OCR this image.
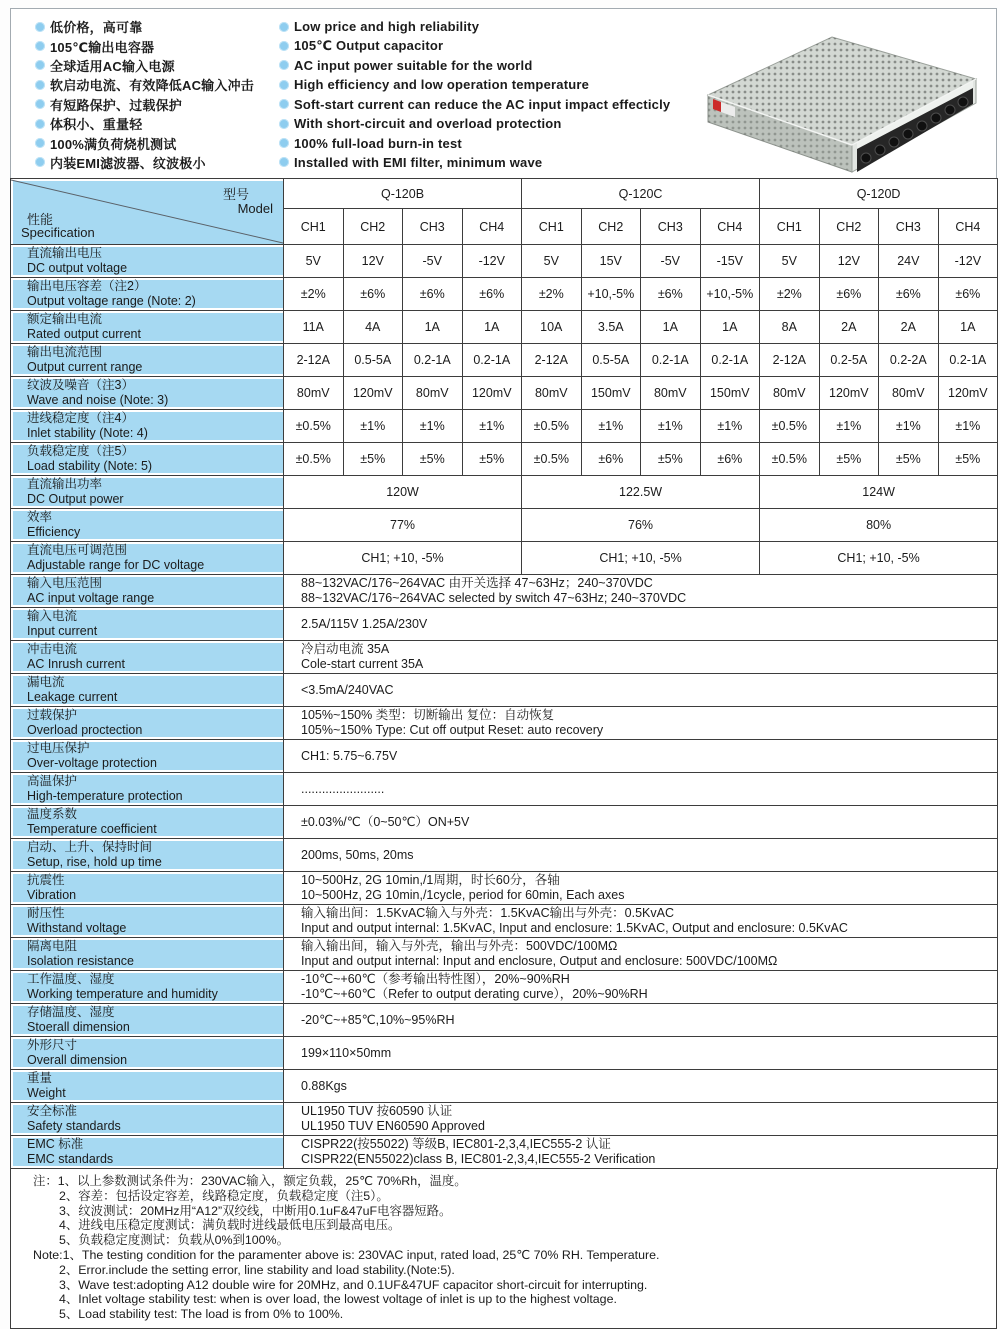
低价格，高可靠
105℃输出电容器
全球适用AC输入电源
软启动电流、有效降低AC输入冲击
有短路保护、过载保护
体积小、重量轻
100%满负荷烧机测试
内装EMI滤波器、纹波极小
Low price and high reliability
105℃ Output capacitor
AC input power suitable for the world
High efficiency and low operation temperature
Soft-start current can reduce the AC input impact effecticly
With short-circuit and overload protection
100% full-load burn-in test
Installed with EMI filter, minimum wave
型号
Model
性能
Specification	Q-120B				Q-120C				Q-120D			
	CH1	CH2	CH3	CH4	CH1	CH2	CH3	CH4	CH1	CH2	CH3	CH4

直流输出电压
DC output voltage	5V	12V	-5V	-12V	5V	15V	-5V	-15V	5V	12V	24V	-12V

输出电压容差（注2）
Output voltage range (Note: 2)	±2%	±6%	±6%	±6%	±2%	+10,-5%	±6%	+10,-5%	±2%	±6%	±6%	±6%

额定输出电流
Rated output current	11A	4A	1A	1A	10A	3.5A	1A	1A	8A	2A	2A	1A

输出电流范围
Output current range	2-12A	0.5-5A	0.2-1A	0.2-1A	2-12A	0.5-5A	0.2-1A	0.2-1A	2-12A	0.2-5A	0.2-2A	0.2-1A

纹波及噪音（注3）
Wave and noise (Note: 3)	80mV	120mV	80mV	120mV	80mV	150mV	80mV	150mV	80mV	120mV	80mV	120mV

进线稳定度（注4）
Inlet stability (Note: 4)	±0.5%	±1%	±1%	±1%	±0.5%	±1%	±1%	±1%	±0.5%	±1%	±1%	±1%

负载稳定度（注5）
Load stability (Note: 5)	±0.5%	±5%	±5%	±5%	±0.5%	±6%	±5%	±6%	±0.5%	±5%	±5%	±5%

直流输出功率
DC Output power	120W				122.5W				124W			

效率
Efficiency	77%				76%				80%			

直流电压可调范围
Adjustable range for DC voltage	CH1; +10, -5%				CH1; +10, -5%				CH1; +10, -5%			

输入电压范围
AC input voltage range

88~132VAC/176~264VAC 由开关选择 47~63Hz；240~370VDC
88~132VAC/176~264VAC selected by switch 47~63Hz; 240~370VDC

输入电流
Input current	2.5A/115V 1.25A/230V											

冲击电流
AC Inrush current

冷启动电流 35A
Cole-start current 35A

漏电流
Leakage current	<3.5mA/240VAC											

过载保护
Overload proctection

105%~150% 类型：切断输出 复位：自动恢复
105%~150% Type: Cut off output Reset: auto recovery

过电压保护
Over-voltage protection	CH1: 5.75~6.75V											

高温保护
High-temperature protection	........................											

温度系数
Temperature coefficient	±0.03%/℃（0~50℃）ON+5V											

启动、上升、保持时间
Setup, rise, hold up time	200ms, 50ms, 20ms											

抗震性
Vibration

10~500Hz, 2G 10min,/1周期，时长60分，各轴
10~500Hz, 2G 10min,/1cycle, period for 60min, Each axes

耐压性
Withstand voltage

输入输出间：1.5KvAC输入与外壳：1.5KvAC输出与外壳：0.5KvAC
Input and output internal: 1.5KvAC, Input and enclosure: 1.5KvAC, Output and enclosure: 0.5KvAC

隔离电阻
Isolation resistance

输入输出间，输入与外壳，输出与外壳：500VDC/100MΩ
Input and output internal: Input and enclosure, Output and enclosure: 500VDC/100MΩ

工作温度、湿度
Working temperature and humidity

-10℃~+60℃（参考输出特性图），20%~90%RH
-10℃~+60℃（Refer to output derating curve），20%~90%RH

存储温度、湿度
Stoerall dimension	-20℃~+85℃,10%~95%RH											

外形尺寸
Overall dimension	199×110×50mm											

重量
Weight	0.88Kgs											

安全标准
Safety standards

UL1950 TUV 按60590 认证
UL1950 TUV EN60590 Approved

EMC 标准
EMC standards

CISPR22(按55022) 等级B, IEC801-2,3,4,IEC555-2 认证
CISPR22(EN55022)class B, IEC801-2,3,4,IEC555-2 Verification
注：1、以上参数测试条件为：230VAC输入，额定负载，25℃ 70%Rh，温度。
2、容差：包括设定容差，线路稳定度，负载稳定度（注5）。
3、纹波测试：20MHz用“A12”双绞线，中断用0.1uF&47uF电容器短路。
4、进线电压稳定度测试：满负载时进线最低电压到最高电压。
5、负载稳定度测试：负载从0%到100%。
Note:1、The testing condition for the paramenter above is: 230VAC input, rated load, 25℃ 70% RH. Temperature.
2、Error.include the setting error, line stability and load stability.(Note:5).
3、Wave test:adopting A12 double wire for 20MHz, and 0.1UF&47UF capacitor short-circuit for interrupting.
4、Inlet voltage stability test: when is over load, the lowest voltage of inlet is up to the highest voltage.
5、Load stability test: The load is from 0% to 100%.
